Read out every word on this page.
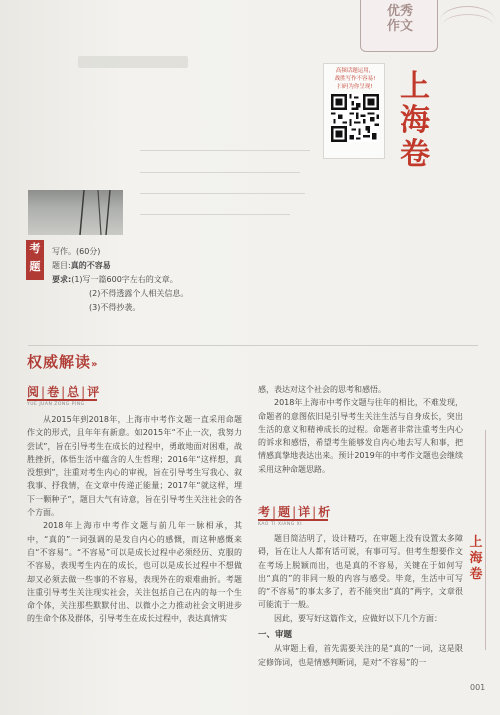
优秀
作文
高频话题运用，
战胜写作不容易!
扫码为你呈现! 上
海
卷
考
题
写作。(60分)
题目:真的不容易
要求:(1)写一篇600字左右的文章。
(2)不得透露个人相关信息。
(3)不得抄袭。
权威解读»
阅|卷|总|评
YUE JUAN ZONG PING

从2015年到2018年，上海市中考作文题一直采用命题作文的形式，且年年有新意。如2015年“不止一次，我努力尝试”，旨在引导考生在成长的过程中，勇敢地面对困难，战胜挫折，体悟生活中蕴含的人生哲理；2016年“这样想，真没想到”，注重对考生内心的审视，旨在引导考生写我心、叙我事、抒我情，在文章中传递正能量；2017年“就这样，埋下一颗种子”，题目大气有诗意，旨在引导考生关注社会的各个方面。

2018年上海市中考作文题与前几年一脉相承，其中，“真的”一词强调的是发自内心的感慨，而这种感慨来自“不容易”。“不容易”可以是成长过程中必须经历、克服的不容易，表现考生内在的成长，也可以是成长过程中不想做却又必须去做一些事的不容易，表现外在的艰难曲折。考题注重引导考生关注现实社会，关注包括自己在内的每一个生命个体，关注那些默默付出、以微小之力推动社会文明进步的生命个体及群体，引导考生在成长过程中，表达真情实

感，表达对这个社会的思考和感悟。

2018年上海市中考作文题与往年的相比，不难发现，命题者的意图依旧是引导考生关注生活与自身成长，突出生活的意义和精神成长的过程。命题者非常注重考生内心的诉求和感悟，希望考生能够发自内心地去写人和事，把情感真挚地表达出来。预计2019年的中考作文题也会继续采用这种命题思路。

考|题|详|析
KAO TI XIANG XI

题目简洁明了，设计精巧，在审题上没有设置太多障碍，旨在让人人都有话可说，有事可写。但考生想要作文在考场上脱颖而出，也是真的不容易，关键在于如何写出“真的”的非同一般的内容与感受。毕竟，生活中可写的“不容易”的事太多了，若不能突出“真的”两字，文章很可能流于一般。

因此，要写好这篇作文，应做好以下几个方面：

一、审题

从审题上看，首先需要关注的是“真的”一词，这是限定修饰词，也是情感判断词，是对“不容易”的一

上
海
卷
001
